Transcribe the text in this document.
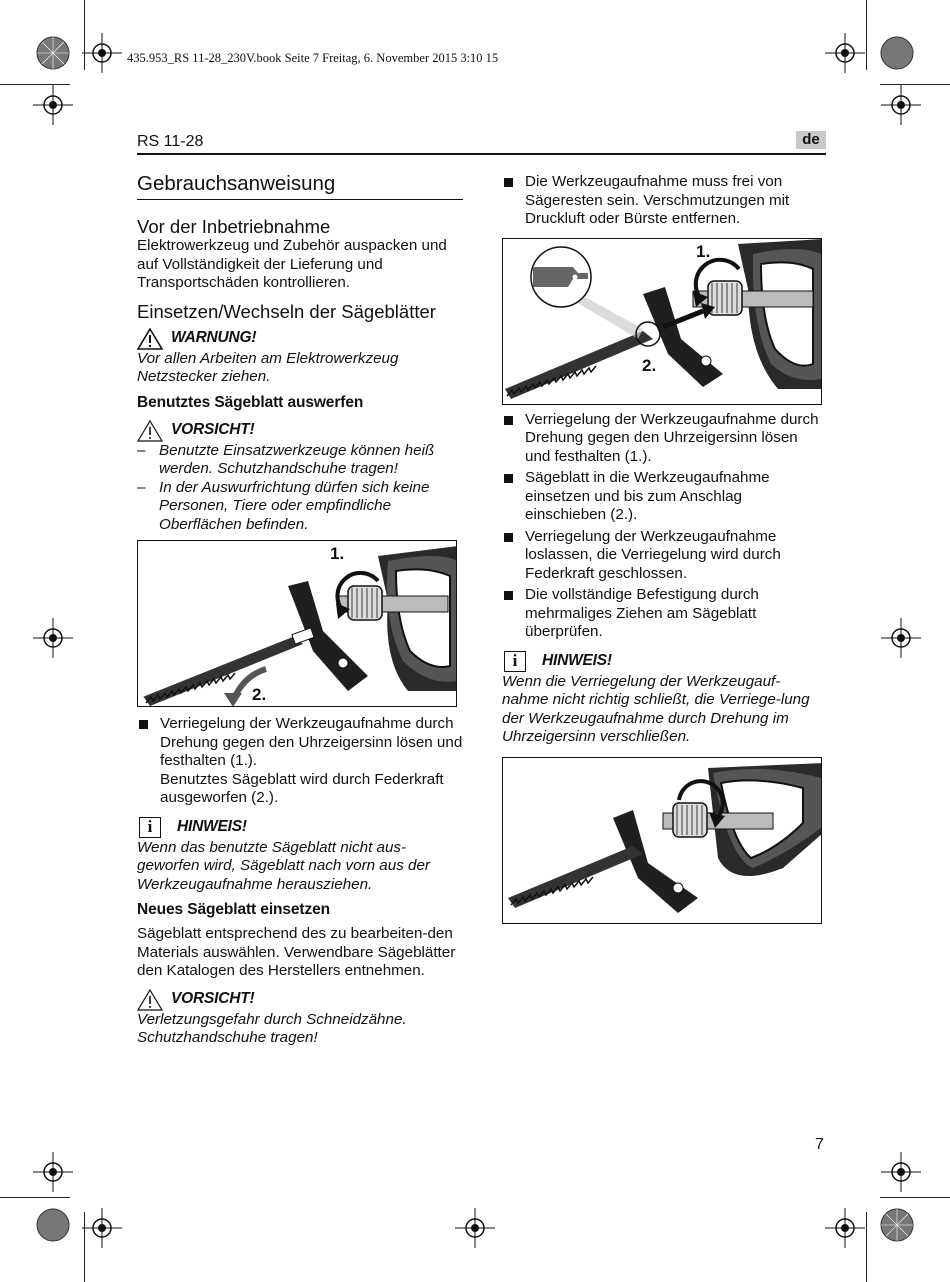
435.953_RS 11-28_230V.book Seite 7 Freitag, 6. November 2015 3:10 15
RS 11-28	de
Gebrauchsanweisung
Vor der Inbetriebnahme

Elektrowerkzeug und Zubehör auspacken und auf Vollständigkeit der Lieferung und Transportschäden kontrollieren.

Einsetzen/Wechseln der Sägeblätter
WARNUNG!

Vor allen Arbeiten am Elektrowerkzeug Netzstecker ziehen.

Benutztes Sägeblatt auswerfen
VORSICHT!
– Benutzte Einsatzwerkzeuge können heiß werden. Schutzhandschuhe tragen!
– In der Auswurfrichtung dürfen sich keine Personen, Tiere oder empfindliche Oberflächen befinden.
1.
2.

Verriegelung der Werkzeugaufnahme durch Drehung gegen den Uhrzeigersinn lösen und festhalten (1.).

Benutztes Sägeblatt wird durch Federkraft ausgeworfen (2.).

i	HINWEIS!

Wenn das benutzte Sägeblatt nicht aus-geworfen wird, Sägeblatt nach vorn aus der Werkzeugaufnahme herausziehen.

Neues Sägeblatt einsetzen

Sägeblatt entsprechend des zu bearbeiten-den Materials auswählen. Verwendbare Sägeblätter den Katalogen des Herstellers entnehmen.

VORSICHT!

Verletzungsgefahr durch Schneidzähne. Schutzhandschuhe tragen!

Die Werkzeugaufnahme muss frei von Sägeresten sein. Verschmutzungen mit Druckluft oder Bürste entfernen.

1.
2.

Verriegelung der Werkzeugaufnahme durch Drehung gegen den Uhrzeigersinn lösen und festhalten (1.).

Sägeblatt in die Werkzeugaufnahme einsetzen und bis zum Anschlag einschieben (2.).

Verriegelung der Werkzeugaufnahme loslassen, die Verriegelung wird durch Federkraft geschlossen.

Die vollständige Befestigung durch mehrmaliges Ziehen am Sägeblatt überprüfen.

i	HINWEIS!

Wenn die Verriegelung der Werkzeugauf-nahme nicht richtig schließt, die Verriege-lung der Werkzeugaufnahme durch Drehung im Uhrzeigersinn verschließen.

7
